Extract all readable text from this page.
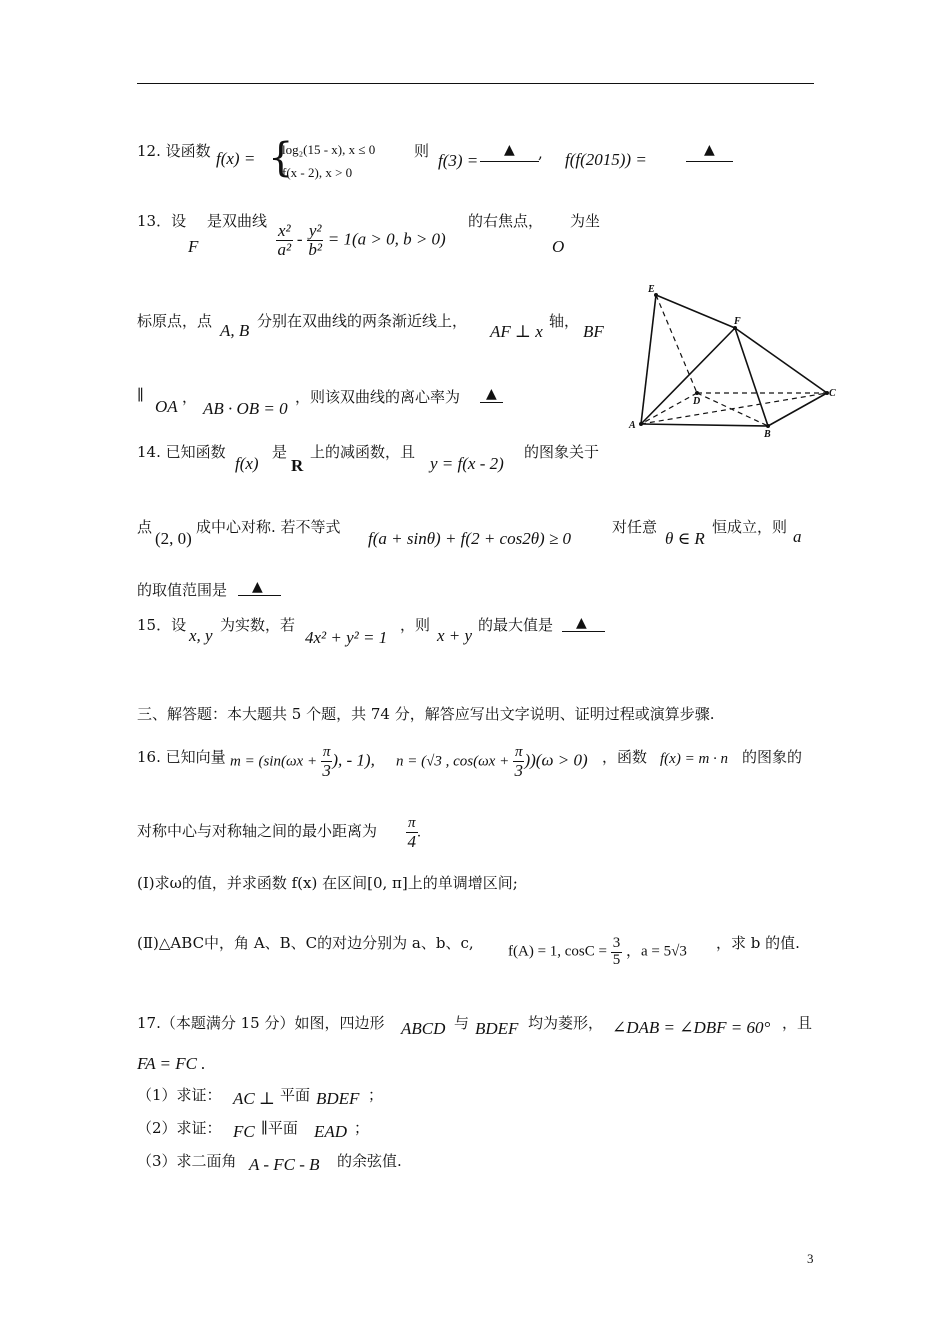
12. 设函数 f(x) = {
log₂(15 - x), x ≤ 0
f(x - 2), x > 0
则 f(3) =
▲	, f(f(2015)) =	▲
13．设
F
是双曲线
$\frac{\text{x²}}{\text{a²}} - \frac{\text{y²}}{\text{b²}} = 1(a > 0$, b > 0)
的右焦点，
O
为坐
标原点，点 A, B 分别在双曲线的两条渐近线上，
AF ⊥ x
轴，
BF
∥
OA ，
AB · OB = 0
，则该双曲线的离心率为	▲
14. 已知函数
f(x)
是
R
上的减函数，且
y = f(x - 2)
的图象关于
点
(2, 0)
成中心对称. 若不等式
f(a + sinθ) + f(2 + cos2θ) ≥ 0
对任意
θ ∈ R
恒成立，则 a
的取值范围是	▲
15．设
x, y
为实数，若
4x² + y² = 1
，则
x + y
的最大值是	▲
三、解答题：本大题共 5 个题，共 74 分，解答应写出文字说明、证明过程或演算步骤.
16. 已知向量 $m = (\sin(\omega x + \frac{\pi}{3}$ ), - 1), n = (√3 , $\cos(\omega x + \frac{\pi}{3} ))(\omega > 0)$ ，函数 f(x) = m · n 的图象的
对称中心与对称轴之间的最小距离为 $\frac{\pi}{4}$ .
(Ⅰ)求ω的值，并求函数 f(x) 在区间[0, π]上的单调增区间;
(Ⅱ)△ABC中，角 A、B、C的对边分别为 a、b、c, f(A) = 1, $\cos C = \frac{3}{5}$ ，a = 5√3 ，求 b 的值.
17.（本题满分 15 分）如图，四边形 ABCD 与 BDEF 均为菱形， ∠DAB = ∠DBF = 60° ，且
FA = FC .
（1）求证： AC ⊥ 平面 BDEF ；
（2）求证： FC ∥平面 EAD ；
（3）求二面角 A - FC - B 的余弦值.
E
F
D
C
A
B
3
